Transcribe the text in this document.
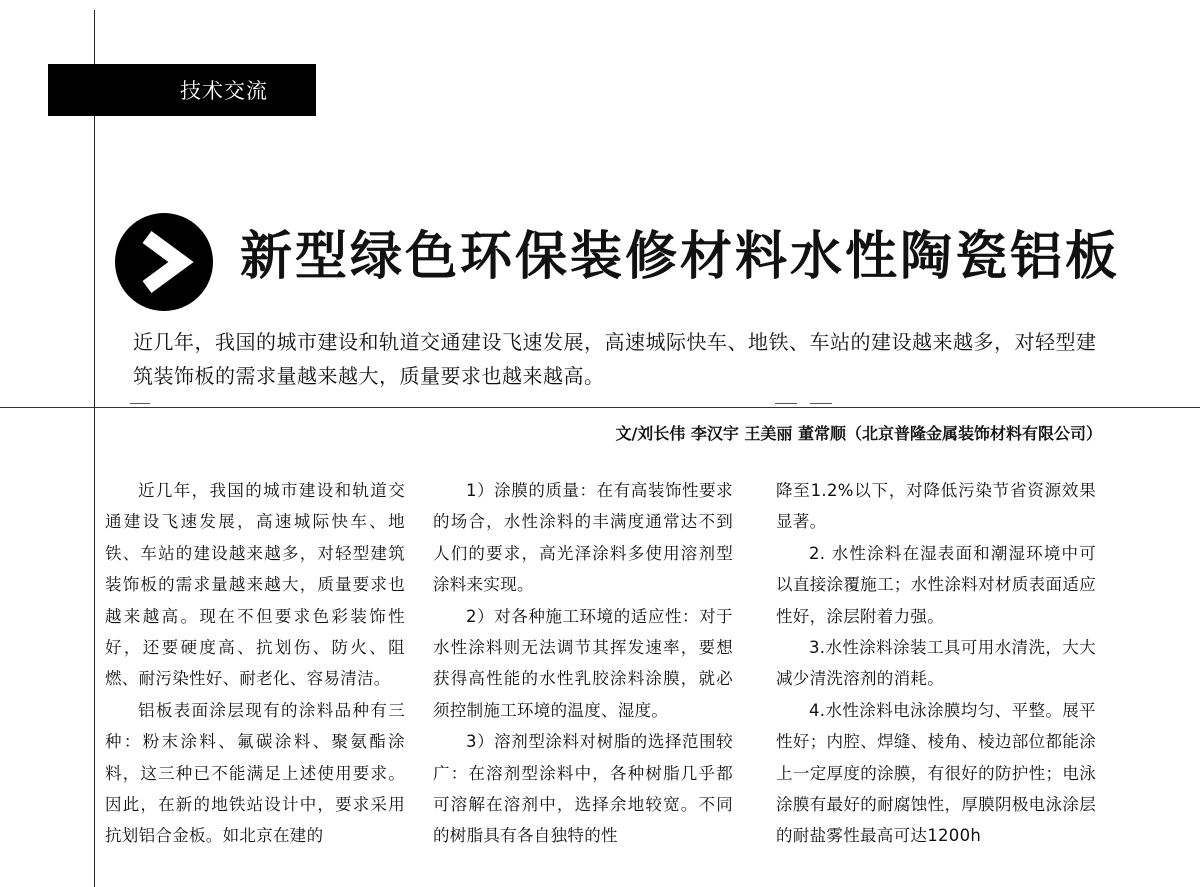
技术交流
新型绿色环保装修材料水性陶瓷铝板
近几年，我国的城市建设和轨道交通建设飞速发展，高速城际快车、地铁、车站的建设越来越多，对轻型建筑装饰板的需求量越来越大，质量要求也越来越高。
文/刘长伟 李汉宇 王美丽 董常顺（北京普隆金属装饰材料有限公司）

近几年，我国的城市建设和轨道交通建设飞速发展，高速城际快车、地铁、车站的建设越来越多，对轻型建筑装饰板的需求量越来越大，质量要求也越来越高。现在不但要求色彩装饰性好，还要硬度高、抗划伤、防火、阻燃、耐污染性好、耐老化、容易清洁。

铝板表面涂层现有的涂料品种有三种：粉末涂料、氟碳涂料、聚氨酯涂料，这三种已不能满足上述使用要求。因此，在新的地铁站设计中，要求采用抗划铝合金板。如北京在建的

1）涂膜的质量：在有高装饰性要求的场合，水性涂料的丰满度通常达不到人们的要求，高光泽涂料多使用溶剂型涂料来实现。

2）对各种施工环境的适应性：对于水性涂料则无法调节其挥发速率，要想获得高性能的水性乳胶涂料涂膜，就必须控制施工环境的温度、湿度。

3）溶剂型涂料对树脂的选择范围较广：在溶剂型涂料中，各种树脂几乎都可溶解在溶剂中，选择余地较宽。不同的树脂具有各自独特的性

降至1.2%以下，对降低污染节省资源效果显著。

2. 水性涂料在湿表面和潮湿环境中可以直接涂覆施工；水性涂料对材质表面适应性好，涂层附着力强。

3.水性涂料涂装工具可用水清洗，大大减少清洗溶剂的消耗。

4.水性涂料电泳涂膜均匀、平整。展平性好；内腔、焊缝、棱角、棱边部位都能涂上一定厚度的涂膜，有很好的防护性；电泳涂膜有最好的耐腐蚀性，厚膜阴极电泳涂层的耐盐雾性最高可达1200h
